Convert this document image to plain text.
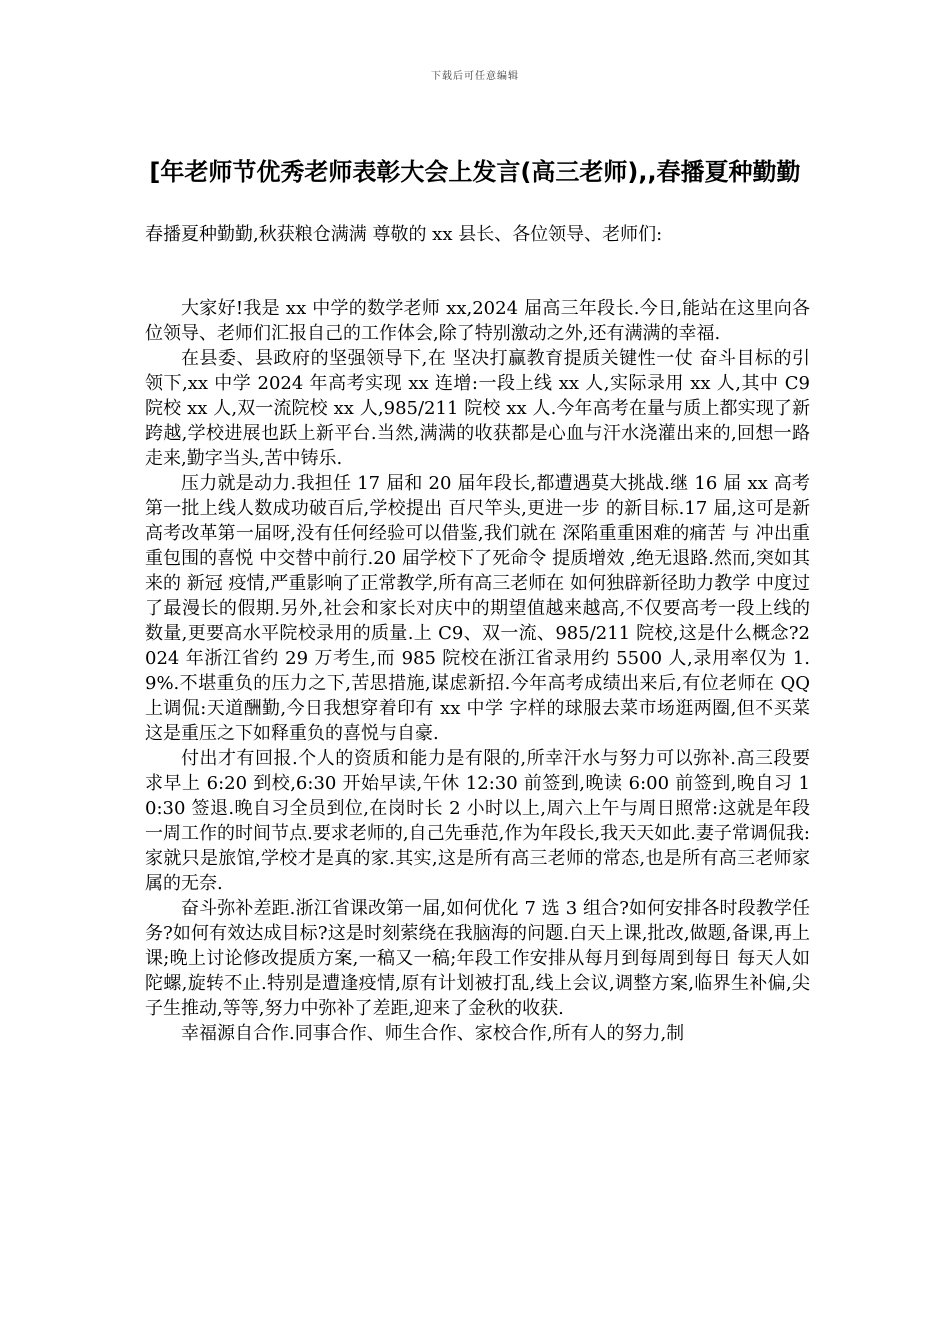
下载后可任意编辑
[年老师节优秀老师表彰大会上发言(高三老师),,春播夏种勤勤
春播夏种勤勤,秋获粮仓满满 尊敬的 xx 县长、各位领导、老师们:

大家好!我是 xx 中学的数学老师 xx,2024 届高三年段长.今日,能站在这里向各位领导、老师们汇报自己的工作体会,除了特别激动之外,还有满满的幸福.

在县委、县政府的坚强领导下,在 坚决打赢教育提质关键性一仗 奋斗目标的引领下,xx 中学 2024 年高考实现 xx 连增:一段上线 xx 人,实际录用 xx 人,其中 C9 院校 xx 人,双一流院校 xx 人,985/211 院校 xx 人.今年高考在量与质上都实现了新跨越,学校进展也跃上新平台.当然,满满的收获都是心血与汗水浇灌出来的,回想一路走来,勤字当头,苦中铸乐.

压力就是动力.我担任 17 届和 20 届年段长,都遭遇莫大挑战.继 16 届 xx 高考第一批上线人数成功破百后,学校提出 百尺竿头,更进一步 的新目标.17 届,这可是新高考改革第一届呀,没有任何经验可以借鉴,我们就在 深陷重重困难的痛苦 与 冲出重重包围的喜悦 中交替中前行.20 届学校下了死命令 提质增效 ,绝无退路.然而,突如其来的 新冠 疫情,严重影响了正常教学,所有高三老师在 如何独辟新径助力教学 中度过了最漫长的假期.另外,社会和家长对庆中的期望值越来越高,不仅要高考一段上线的数量,更要高水平院校录用的质量.上 C9、双一流、985/211 院校,这是什么概念?2024 年浙江省约 29 万考生,而 985 院校在浙江省录用约 5500 人,录用率仅为 1.9%.不堪重负的压力之下,苦思措施,谋虑新招.今年高考成绩出来后,有位老师在 QQ 上调侃:天道酬勤,今日我想穿着印有 xx 中学 字样的球服去菜市场逛两圈,但不买菜 这是重压之下如释重负的喜悦与自豪.

付出才有回报.个人的资质和能力是有限的,所幸汗水与努力可以弥补.高三段要求早上 6:20 到校,6:30 开始早读,午休 12:30 前签到,晚读 6:00 前签到,晚自习 10:30 签退.晚自习全员到位,在岗时长 2 小时以上,周六上午与周日照常:这就是年段一周工作的时间节点.要求老师的,自己先垂范,作为年段长,我天天如此.妻子常调侃我:家就只是旅馆,学校才是真的家.其实,这是所有高三老师的常态,也是所有高三老师家属的无奈.

奋斗弥补差距.浙江省课改第一届,如何优化 7 选 3 组合?如何安排各时段教学任务?如何有效达成目标?这是时刻萦绕在我脑海的问题.白天上课,批改,做题,备课,再上课;晚上讨论修改提质方案,一稿又一稿;年段工作安排从每月到每周到每日 每天人如陀螺,旋转不止.特别是遭逢疫情,原有计划被打乱,线上会议,调整方案,临界生补偏,尖子生推动,等等,努力中弥补了差距,迎来了金秋的收获.

幸福源自合作.同事合作、师生合作、家校合作,所有人的努力,制
